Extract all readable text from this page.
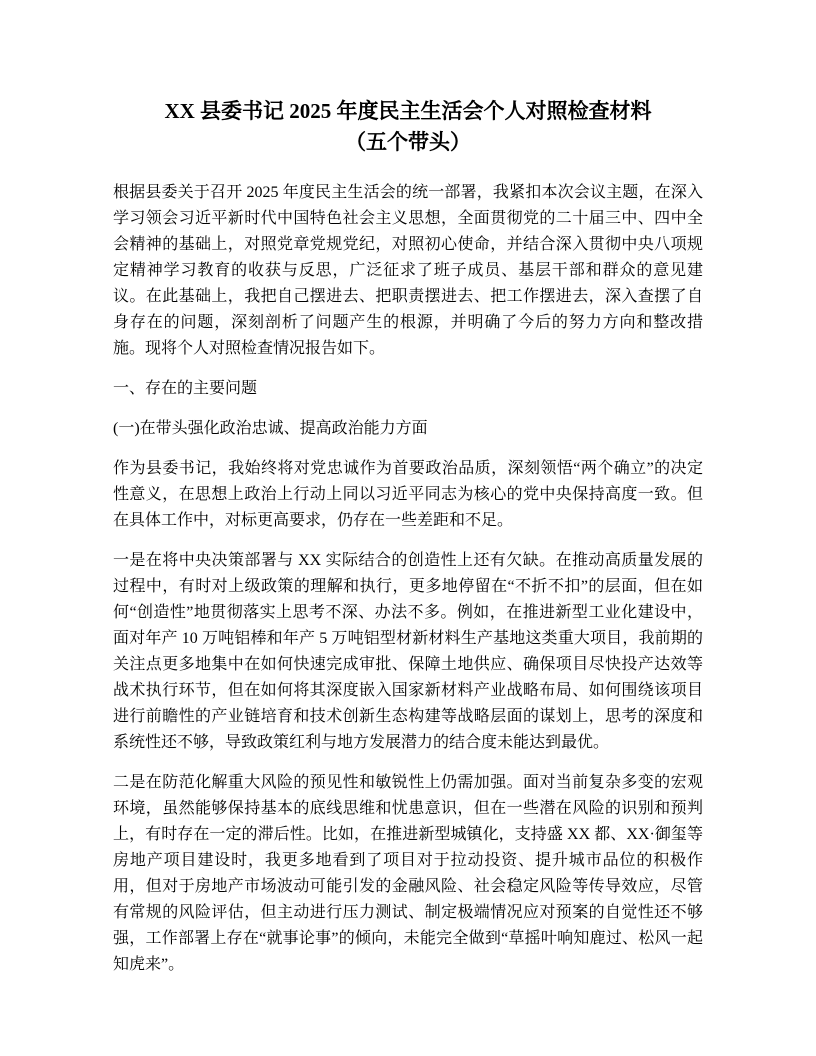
XX 县委书记 2025 年度民主生活会个人对照检查材料
（五个带头）

根据县委关于召开 2025 年度民主生活会的统一部署，我紧扣本次会议主题，在深入学习领会习近平新时代中国特色社会主义思想，全面贯彻党的二十届三中、四中全会精神的基础上，对照党章党规党纪，对照初心使命，并结合深入贯彻中央八项规定精神学习教育的收获与反思，广泛征求了班子成员、基层干部和群众的意见建议。在此基础上，我把自己摆进去、把职责摆进去、把工作摆进去，深入查摆了自身存在的问题，深刻剖析了问题产生的根源，并明确了今后的努力方向和整改措施。现将个人对照检查情况报告如下。

一、存在的主要问题

(一)在带头强化政治忠诚、提高政治能力方面

作为县委书记，我始终将对党忠诚作为首要政治品质，深刻领悟“两个确立”的决定性意义，在思想上政治上行动上同以习近平同志为核心的党中央保持高度一致。但在具体工作中，对标更高要求，仍存在一些差距和不足。

一是在将中央决策部署与 XX 实际结合的创造性上还有欠缺。在推动高质量发展的过程中，有时对上级政策的理解和执行，更多地停留在“不折不扣”的层面，但在如何“创造性”地贯彻落实上思考不深、办法不多。例如，在推进新型工业化建设中，面对年产 10 万吨铝棒和年产 5 万吨铝型材新材料生产基地这类重大项目，我前期的关注点更多地集中在如何快速完成审批、保障土地供应、确保项目尽快投产达效等战术执行环节，但在如何将其深度嵌入国家新材料产业战略布局、如何围绕该项目进行前瞻性的产业链培育和技术创新生态构建等战略层面的谋划上，思考的深度和系统性还不够，导致政策红利与地方发展潜力的结合度未能达到最优。

二是在防范化解重大风险的预见性和敏锐性上仍需加强。面对当前复杂多变的宏观环境，虽然能够保持基本的底线思维和忧患意识，但在一些潜在风险的识别和预判上，有时存在一定的滞后性。比如，在推进新型城镇化，支持盛 XX 都、XX·御玺等房地产项目建设时，我更多地看到了项目对于拉动投资、提升城市品位的积极作用，但对于房地产市场波动可能引发的金融风险、社会稳定风险等传导效应，尽管有常规的风险评估，但主动进行压力测试、制定极端情况应对预案的自觉性还不够强，工作部署上存在“就事论事”的倾向，未能完全做到“草摇叶响知鹿过、松风一起知虎来”。
